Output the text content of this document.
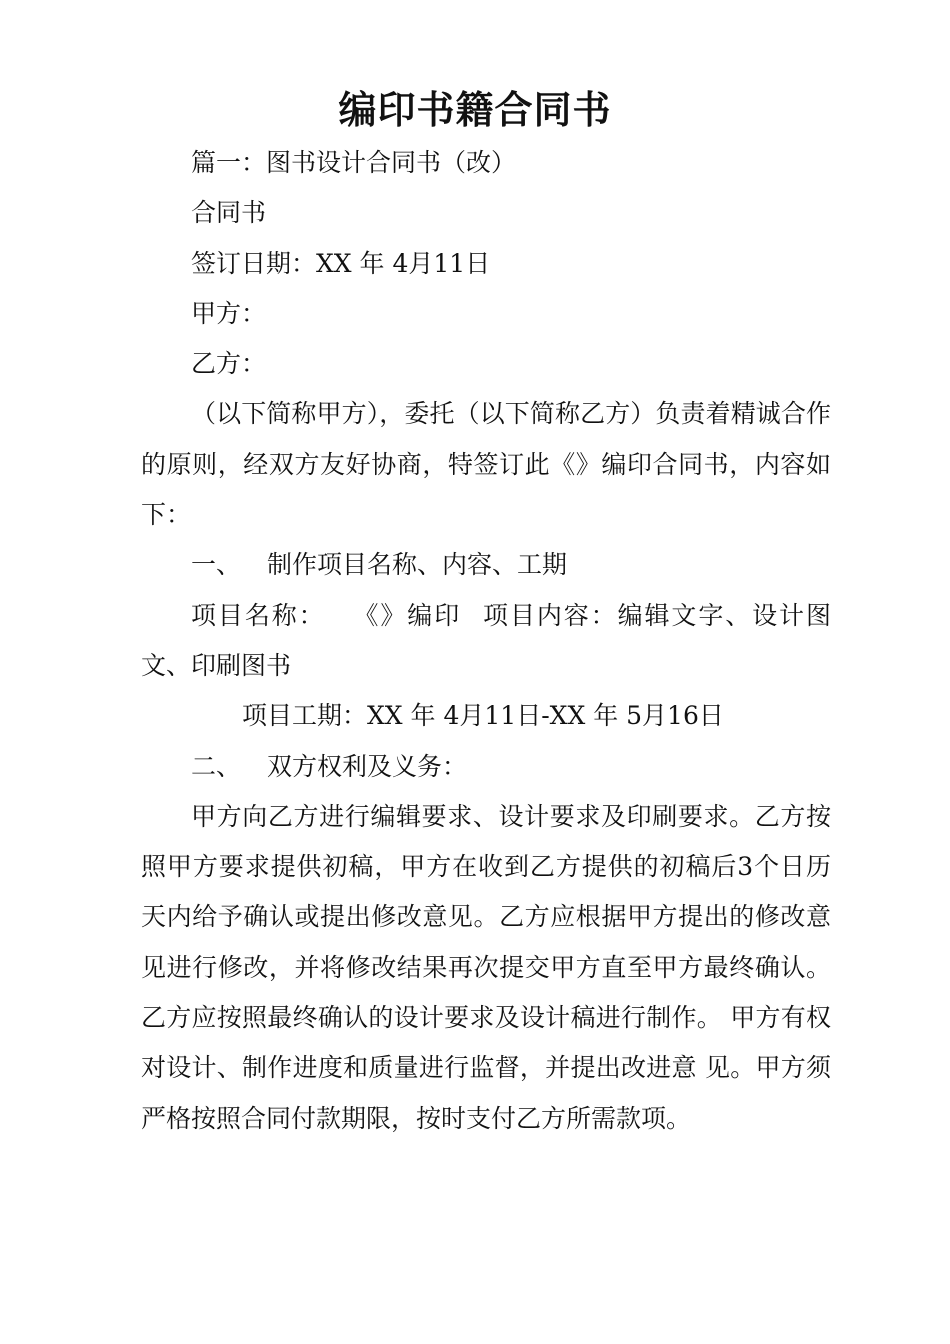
编印书籍合同书

篇一：图书设计合同书（改）

合同书

签订日期：XX 年 4月11日

甲方：

乙方：

（以下简称甲方），委托（以下简称乙方）负责着精诚合作的原则，经双方友好协商，特签订此《》编印合同书，内容如下：

一、 制作项目名称、内容、工期

项目名称： 《》编印 项目内容：编辑文字、设计图文、印刷图书

项目工期：XX 年 4月11日-XX 年 5月16日

二、 双方权利及义务：

甲方向乙方进行编辑要求、设计要求及印刷要求。乙方按照甲方要求提供初稿，甲方在收到乙方提供的初稿后3个日历天内给予确认或提出修改意见。乙方应根据甲方提出的修改意见进行修改，并将修改结果再次提交甲方直至甲方最终确认。乙方应按照最终确认的设计要求及设计稿进行制作。 甲方有权对设计、制作进度和质量进行监督，并提出改进意 见。甲方须严格按照合同付款期限，按时支付乙方所需款项。
